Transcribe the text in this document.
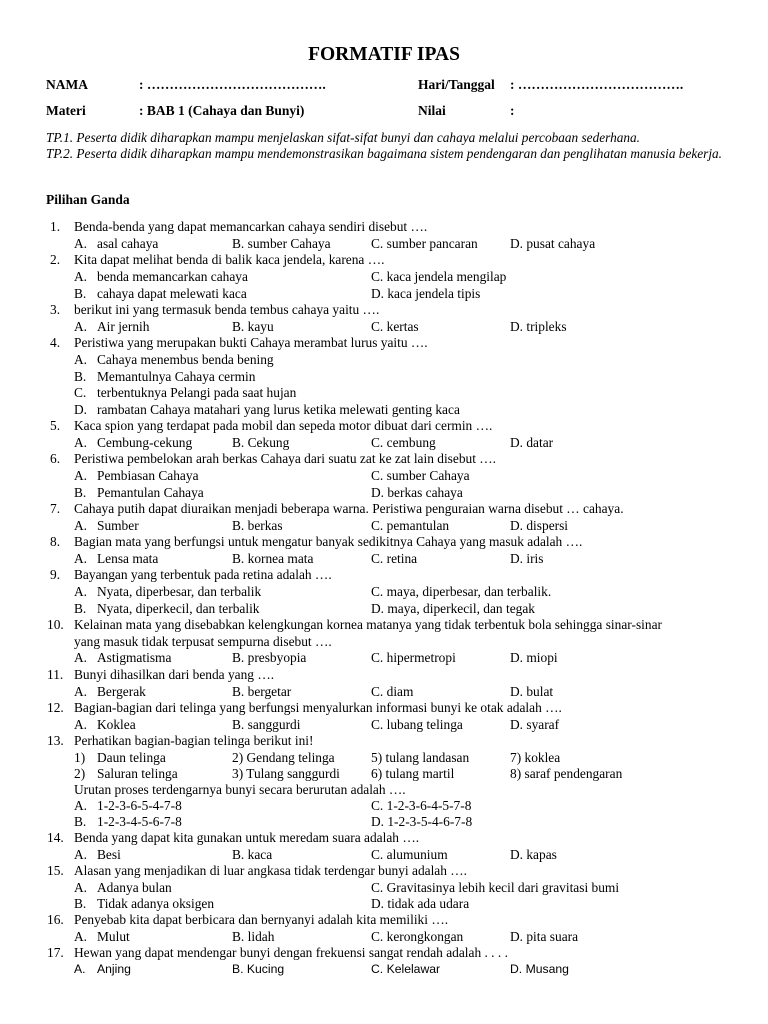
FORMATIF IPAS
NAMA	: ………………………………….	Hari/Tanggal : ……………………………….
Materi	: BAB 1 (Cahaya dan Bunyi)	Nilai	:
TP.1. Peserta didik diharapkan mampu menjelaskan sifat-sifat bunyi dan cahaya melalui percobaan sederhana.
TP.2. Peserta didik diharapkan mampu mendemonstrasikan bagaimana sistem pendengaran dan penglihatan manusia bekerja.
Pilihan Ganda
1. Benda-benda yang dapat memancarkan cahaya sendiri disebut ….
A. asal cahaya	B. sumber Cahaya	C. sumber pancaran D. pusat cahaya
2. Kita dapat melihat benda di balik kaca jendela, karena ….
A. benda memancarkan cahaya	C. kaca jendela mengilap
B. cahaya dapat melewati kaca	D. kaca jendela tipis
3. berikut ini yang termasuk benda tembus cahaya yaitu ….
A. Air jernih	B. kayu	C. kertas	D. tripleks
4. Peristiwa yang merupakan bukti Cahaya merambat lurus yaitu ….
A. Cahaya menembus benda bening
B. Memantulnya Cahaya cermin
C. terbentuknya Pelangi pada saat hujan
D. rambatan Cahaya matahari yang lurus ketika melewati genting kaca
5. Kaca spion yang terdapat pada mobil dan sepeda motor dibuat dari cermin ….
A. Cembung-cekung	B. Cekung	C. cembung	D. datar
6. Peristiwa pembelokan arah berkas Cahaya dari suatu zat ke zat lain disebut ….
A. Pembiasan Cahaya	C. sumber Cahaya
B. Pemantulan Cahaya	D. berkas cahaya
7. Cahaya putih dapat diuraikan menjadi beberapa warna. Peristiwa penguraian warna disebut … cahaya.
A. Sumber	B. berkas	C. pemantulan	D. dispersi
8. Bagian mata yang berfungsi untuk mengatur banyak sedikitnya Cahaya yang masuk adalah ….
A. Lensa mata	B. kornea mata	C. retina	D. iris
9. Bayangan yang terbentuk pada retina adalah ….
A. Nyata, diperbesar, dan terbalik	C. maya, diperbesar, dan terbalik.
B. Nyata, diperkecil, dan terbalik	D. maya, diperkecil, dan tegak
10. Kelainan mata yang disebabkan kelengkungan kornea matanya yang tidak terbentuk bola sehingga sinar-sinar
yang masuk tidak terpusat sempurna disebut ….
A. Astigmatisma	B. presbyopia	C. hipermetropi	D. miopi
11. Bunyi dihasilkan dari benda yang ….
A. Bergerak	B. bergetar	C. diam	D. bulat
12. Bagian-bagian dari telinga yang berfungsi menyalurkan informasi bunyi ke otak adalah ….
A. Koklea	B. sanggurdi	C. lubang telinga	D. syaraf
13. Perhatikan bagian-bagian telinga berikut ini!
1) Daun telinga	2) Gendang telinga	5) tulang landasan	7) koklea
2) Saluran telinga	3) Tulang sanggurdi 6) tulang martil	8) saraf pendengaran
Urutan proses terdengarnya bunyi secara berurutan adalah ….
A. 1-2-3-6-5-4-7-8	C. 1-2-3-6-4-5-7-8
B. 1-2-3-4-5-6-7-8	D. 1-2-3-5-4-6-7-8
14. Benda yang dapat kita gunakan untuk meredam suara adalah ….
A. Besi	B. kaca	C. alumunium	D. kapas
15. Alasan yang menjadikan di luar angkasa tidak terdengar bunyi adalah ….
A. Adanya bulan	C. Gravitasinya lebih kecil dari gravitasi bumi
B. Tidak adanya oksigen	D. tidak ada udara
16. Penyebab kita dapat berbicara dan bernyanyi adalah kita memiliki ….
A. Mulut	B. lidah	C. kerongkongan	D. pita suara
17. Hewan yang dapat mendengar bunyi dengan frekuensi sangat rendah adalah . . . .
A. Anjing	B. Kucing	C. Kelelawar	D. Musang
